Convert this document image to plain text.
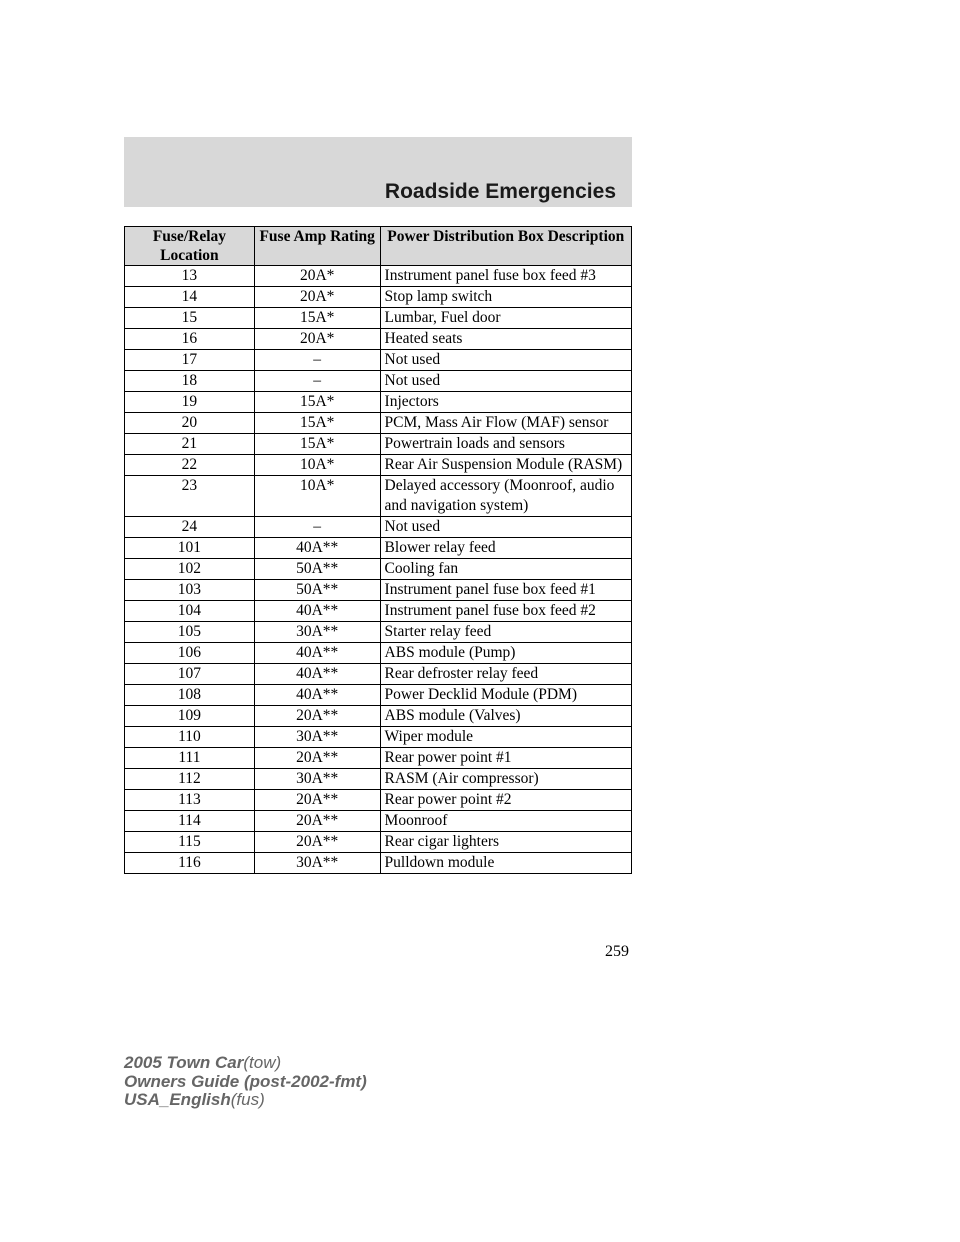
Roadside Emergencies
Fuse/Relay Location	Fuse Amp Rating	Power Distribution Box Description
13	20A*	Instrument panel fuse box feed #3
14	20A*	Stop lamp switch
15	15A*	Lumbar, Fuel door
16	20A*	Heated seats
17	–	Not used
18	–	Not used
19	15A*	Injectors
20	15A*	PCM, Mass Air Flow (MAF) sensor
21	15A*	Powertrain loads and sensors
22	10A*	Rear Air Suspension Module (RASM)
23	10A*	Delayed accessory (Moonroof, audio and navigation system)
24	–	Not used
101	40A**	Blower relay feed
102	50A**	Cooling fan
103	50A**	Instrument panel fuse box feed #1
104	40A**	Instrument panel fuse box feed #2
105	30A**	Starter relay feed
106	40A**	ABS module (Pump)
107	40A**	Rear defroster relay feed
108	40A**	Power Decklid Module (PDM)
109	20A**	ABS module (Valves)
110	30A**	Wiper module
111	20A**	Rear power point #1
112	30A**	RASM (Air compressor)
113	20A**	Rear power point #2
114	20A**	Moonroof
115	20A**	Rear cigar lighters
116	30A**	Pulldown module
259
2005 Town Car(tow)
Owners Guide (post-2002-fmt)
USA_English(fus)
